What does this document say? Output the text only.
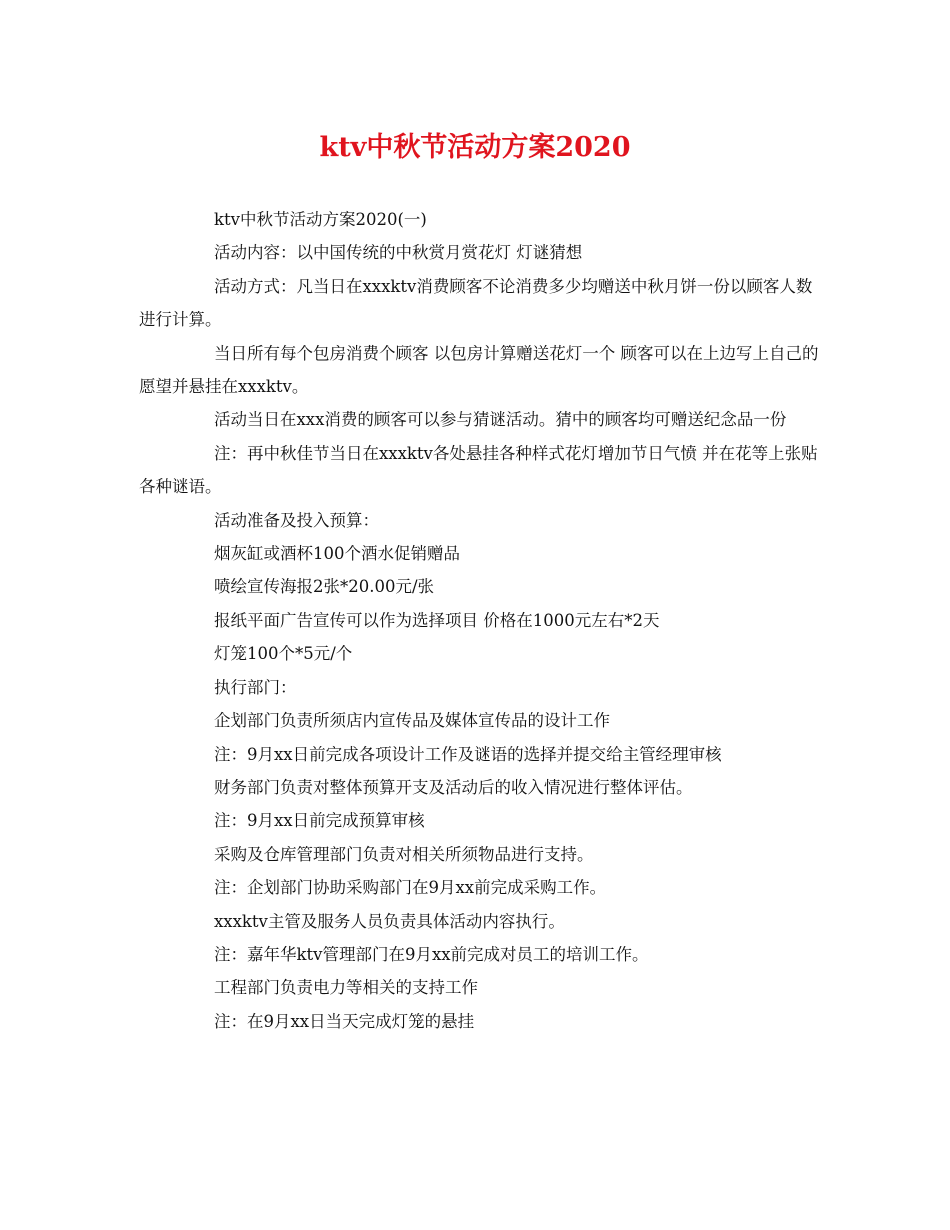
ktv中秋节活动方案2020

ktv中秋节活动方案2020(一)

活动内容：以中国传统的中秋赏月赏花灯 灯谜猜想

活动方式：凡当日在xxxktv消费顾客不论消费多少均赠送中秋月饼一份以顾客人数进行计算。

当日所有每个包房消费个顾客 以包房计算赠送花灯一个 顾客可以在上边写上自己的愿望并悬挂在xxxktv。

活动当日在xxx消费的顾客可以参与猜谜活动。猜中的顾客均可赠送纪念品一份

注：再中秋佳节当日在xxxktv各处悬挂各种样式花灯增加节日气愤 并在花等上张贴各种谜语。

活动准备及投入预算：

烟灰缸或酒杯100个酒水促销赠品

喷绘宣传海报2张*20.00元/张

报纸平面广告宣传可以作为选择项目 价格在1000元左右*2天

灯笼100个*5元/个

执行部门：

企划部门负责所须店内宣传品及媒体宣传品的设计工作

注：9月xx日前完成各项设计工作及谜语的选择并提交给主管经理审核

财务部门负责对整体预算开支及活动后的收入情况进行整体评估。

注：9月xx日前完成预算审核

采购及仓库管理部门负责对相关所须物品进行支持。

注：企划部门协助采购部门在9月xx前完成采购工作。

xxxktv主管及服务人员负责具体活动内容执行。

注：嘉年华ktv管理部门在9月xx前完成对员工的培训工作。

工程部门负责电力等相关的支持工作

注：在9月xx日当天完成灯笼的悬挂
